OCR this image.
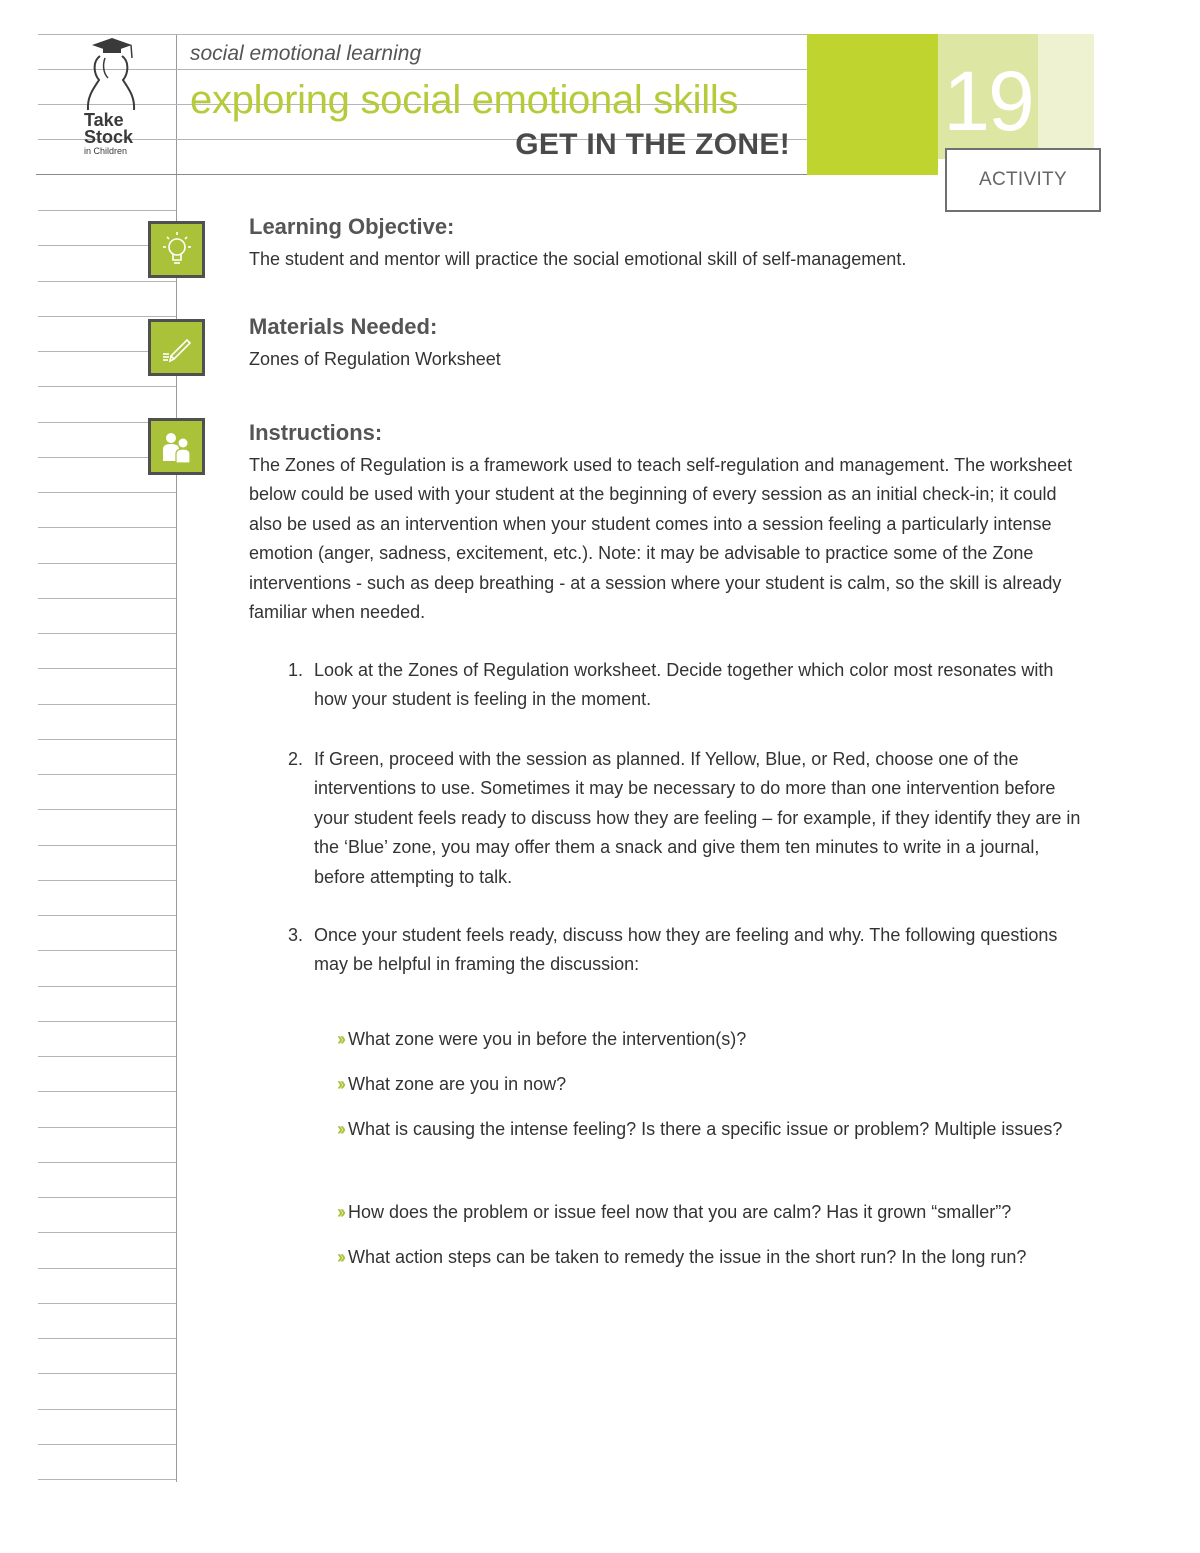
Take
Stock
in Children
social emotional learning
exploring social emotional skills
GET IN THE ZONE! 19
ACTIVITY
Learning Objective:
The student and mentor will practice the social emotional skill of self-management.
Materials Needed:
Zones of Regulation Worksheet
Instructions:
The Zones of Regulation is a framework used to teach self-regulation and management. The worksheet below could be used with your student at the beginning of every session as an initial check-in; it could also be used as an intervention when your student comes into a session feeling a particularly intense emotion (anger, sadness, excitement, etc.). Note: it may be advisable to practice some of the Zone interventions - such as deep breathing - at a session where your student is calm, so the skill is already familiar when needed.
1. Look at the Zones of Regulation worksheet. Decide together which color most resonates with how your student is feeling in the moment.
2. If Green, proceed with the session as planned. If Yellow, Blue, or Red, choose one of the interventions to use. Sometimes it may be necessary to do more than one intervention before your student feels ready to discuss how they are feeling – for example, if they identify they are in the ‘Blue’ zone, you may offer them a snack and give them ten minutes to write in a journal, before attempting to talk.
3. Once your student feels ready, discuss how they are feeling and why. The following questions may be helpful in framing the discussion:
›› What zone were you in before the intervention(s)?
›› What zone are you in now?
›› What is causing the intense feeling? Is there a specific issue or problem? Multiple issues?
›› How does the problem or issue feel now that you are calm? Has it grown “smaller”?
›› What action steps can be taken to remedy the issue in the short run? In the long run?
